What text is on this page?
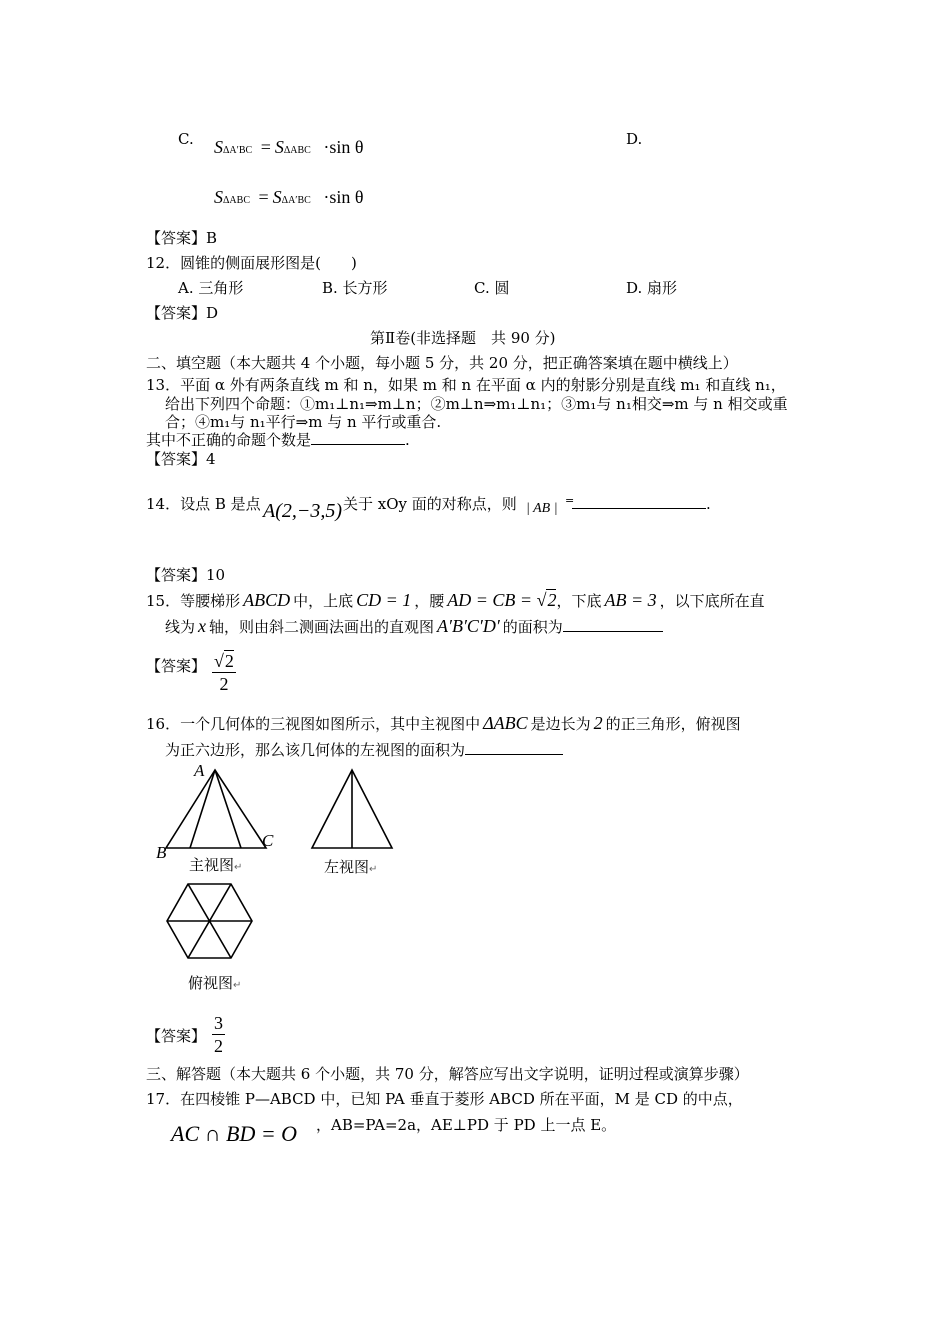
C.	D.
SΔA′BC = SΔABC ·sin θ
SΔABC = SΔA′BC ·sin θ
【答案】B
12．圆锥的侧面展形图是(　　)
A. 三角形	B. 长方形	C. 圆	D. 扇形
【答案】D
第Ⅱ卷(非选择题　共 90 分)
二、填空题（本大题共 4 个小题，每小题 5 分，共 20 分，把正确答案填在题中横线上）
13．平面 α 外有两条直线 m 和 n，如果 m 和 n 在平面 α 内的射影分别是直线 m₁ 和直线 n₁，
给出下列四个命题：①m₁⊥n₁⇒m⊥n；②m⊥n⇒m₁⊥n₁；③m₁与 n₁相交⇒m 与 n 相交或重
合；④m₁与 n₁平行⇒m 与 n 平行或重合.
其中不正确的命题个数是	.
【答案】4
14．设点 B 是点 A(2,−3,5) 关于 xOy 面的对称点，则 | AB |
=	.
【答案】10
15．等腰梯形 ABCD 中，上底 CD = 1 ，腰 AD = CB = √2，下底 AB = 3 ，以下底所在直
线为 x 轴，则由斜二测画法画出的直观图 A′B′C′D′ 的面积为
【答案】 $\frac{√2}{2}$
16．一个几何体的三视图如图所示，其中主视图中 ΔABC 是边长为 2 的正三角形，俯视图
为正六边形，那么该几何体的左视图的面积为
A
B
C
主视图↵	左视图↵
俯视图↵
【答案】 $\frac{3}{2}$
三、解答题（本大题共 6 个小题，共 70 分，解答应写出文字说明，证明过程或演算步骤）
17．在四棱锥 P—ABCD 中，已知 PA 垂直于菱形 ABCD 所在平面，M 是 CD 的中点，
AC ∩ BD = O ，AB=PA=2a，AE⊥PD 于 PD 上一点 E。
